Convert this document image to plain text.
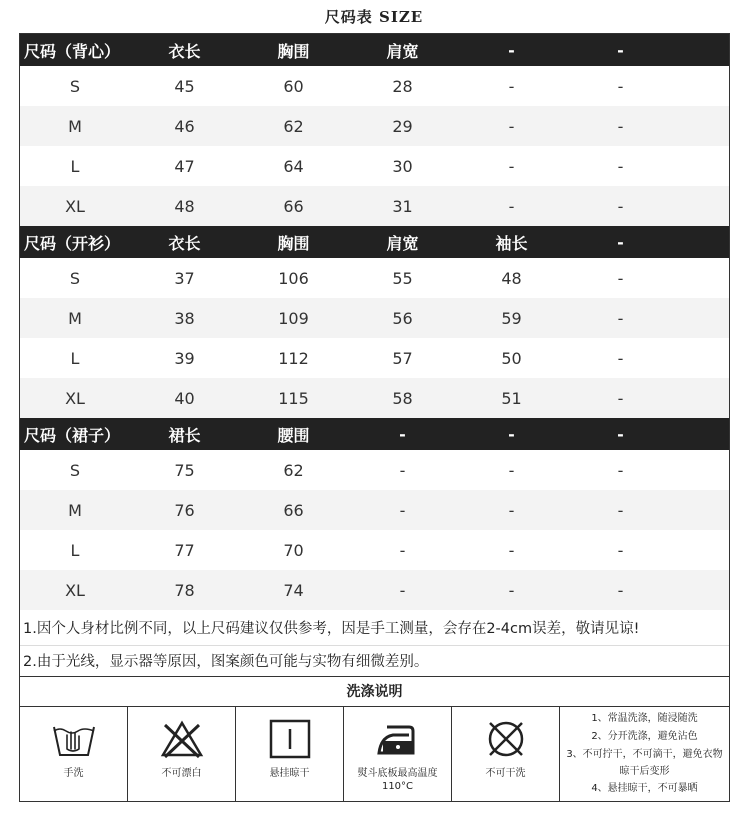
尺码表 SIZE
尺码（背心）	衣长	胸围	肩宽	-	-
S	45	60	28	-	-
M	46	62	29	-	-
L	47	64	30	-	-
XL	48	66	31	-	-
尺码（开衫）	衣长	胸围	肩宽	袖长	-
S	37	106	55	48	-
M	38	109	56	59	-
L	39	112	57	50	-
XL	40	115	58	51	-
尺码（裙子）	裙长	腰围	-	-	-
S	75	62	-	-	-
M	76	66	-	-	-
L	77	70	-	-	-
XL	78	74	-	-	-
1.因个人身材比例不同，以上尺码建议仅供参考，因是手工测量，会存在2-4cm误差，敬请见谅!
2.由于光线，显示器等原因，图案颜色可能与实物有细微差别。
洗涤说明
手洗	不可漂白	悬挂晾干	熨斗底板最高温度 110°C
不可干洗
1、常温洗涤，随浸随洗
2、分开洗涤，避免沾色
3、不可拧干，不可滴干，避免衣物晾干后变形
4、悬挂晾干，不可暴晒
